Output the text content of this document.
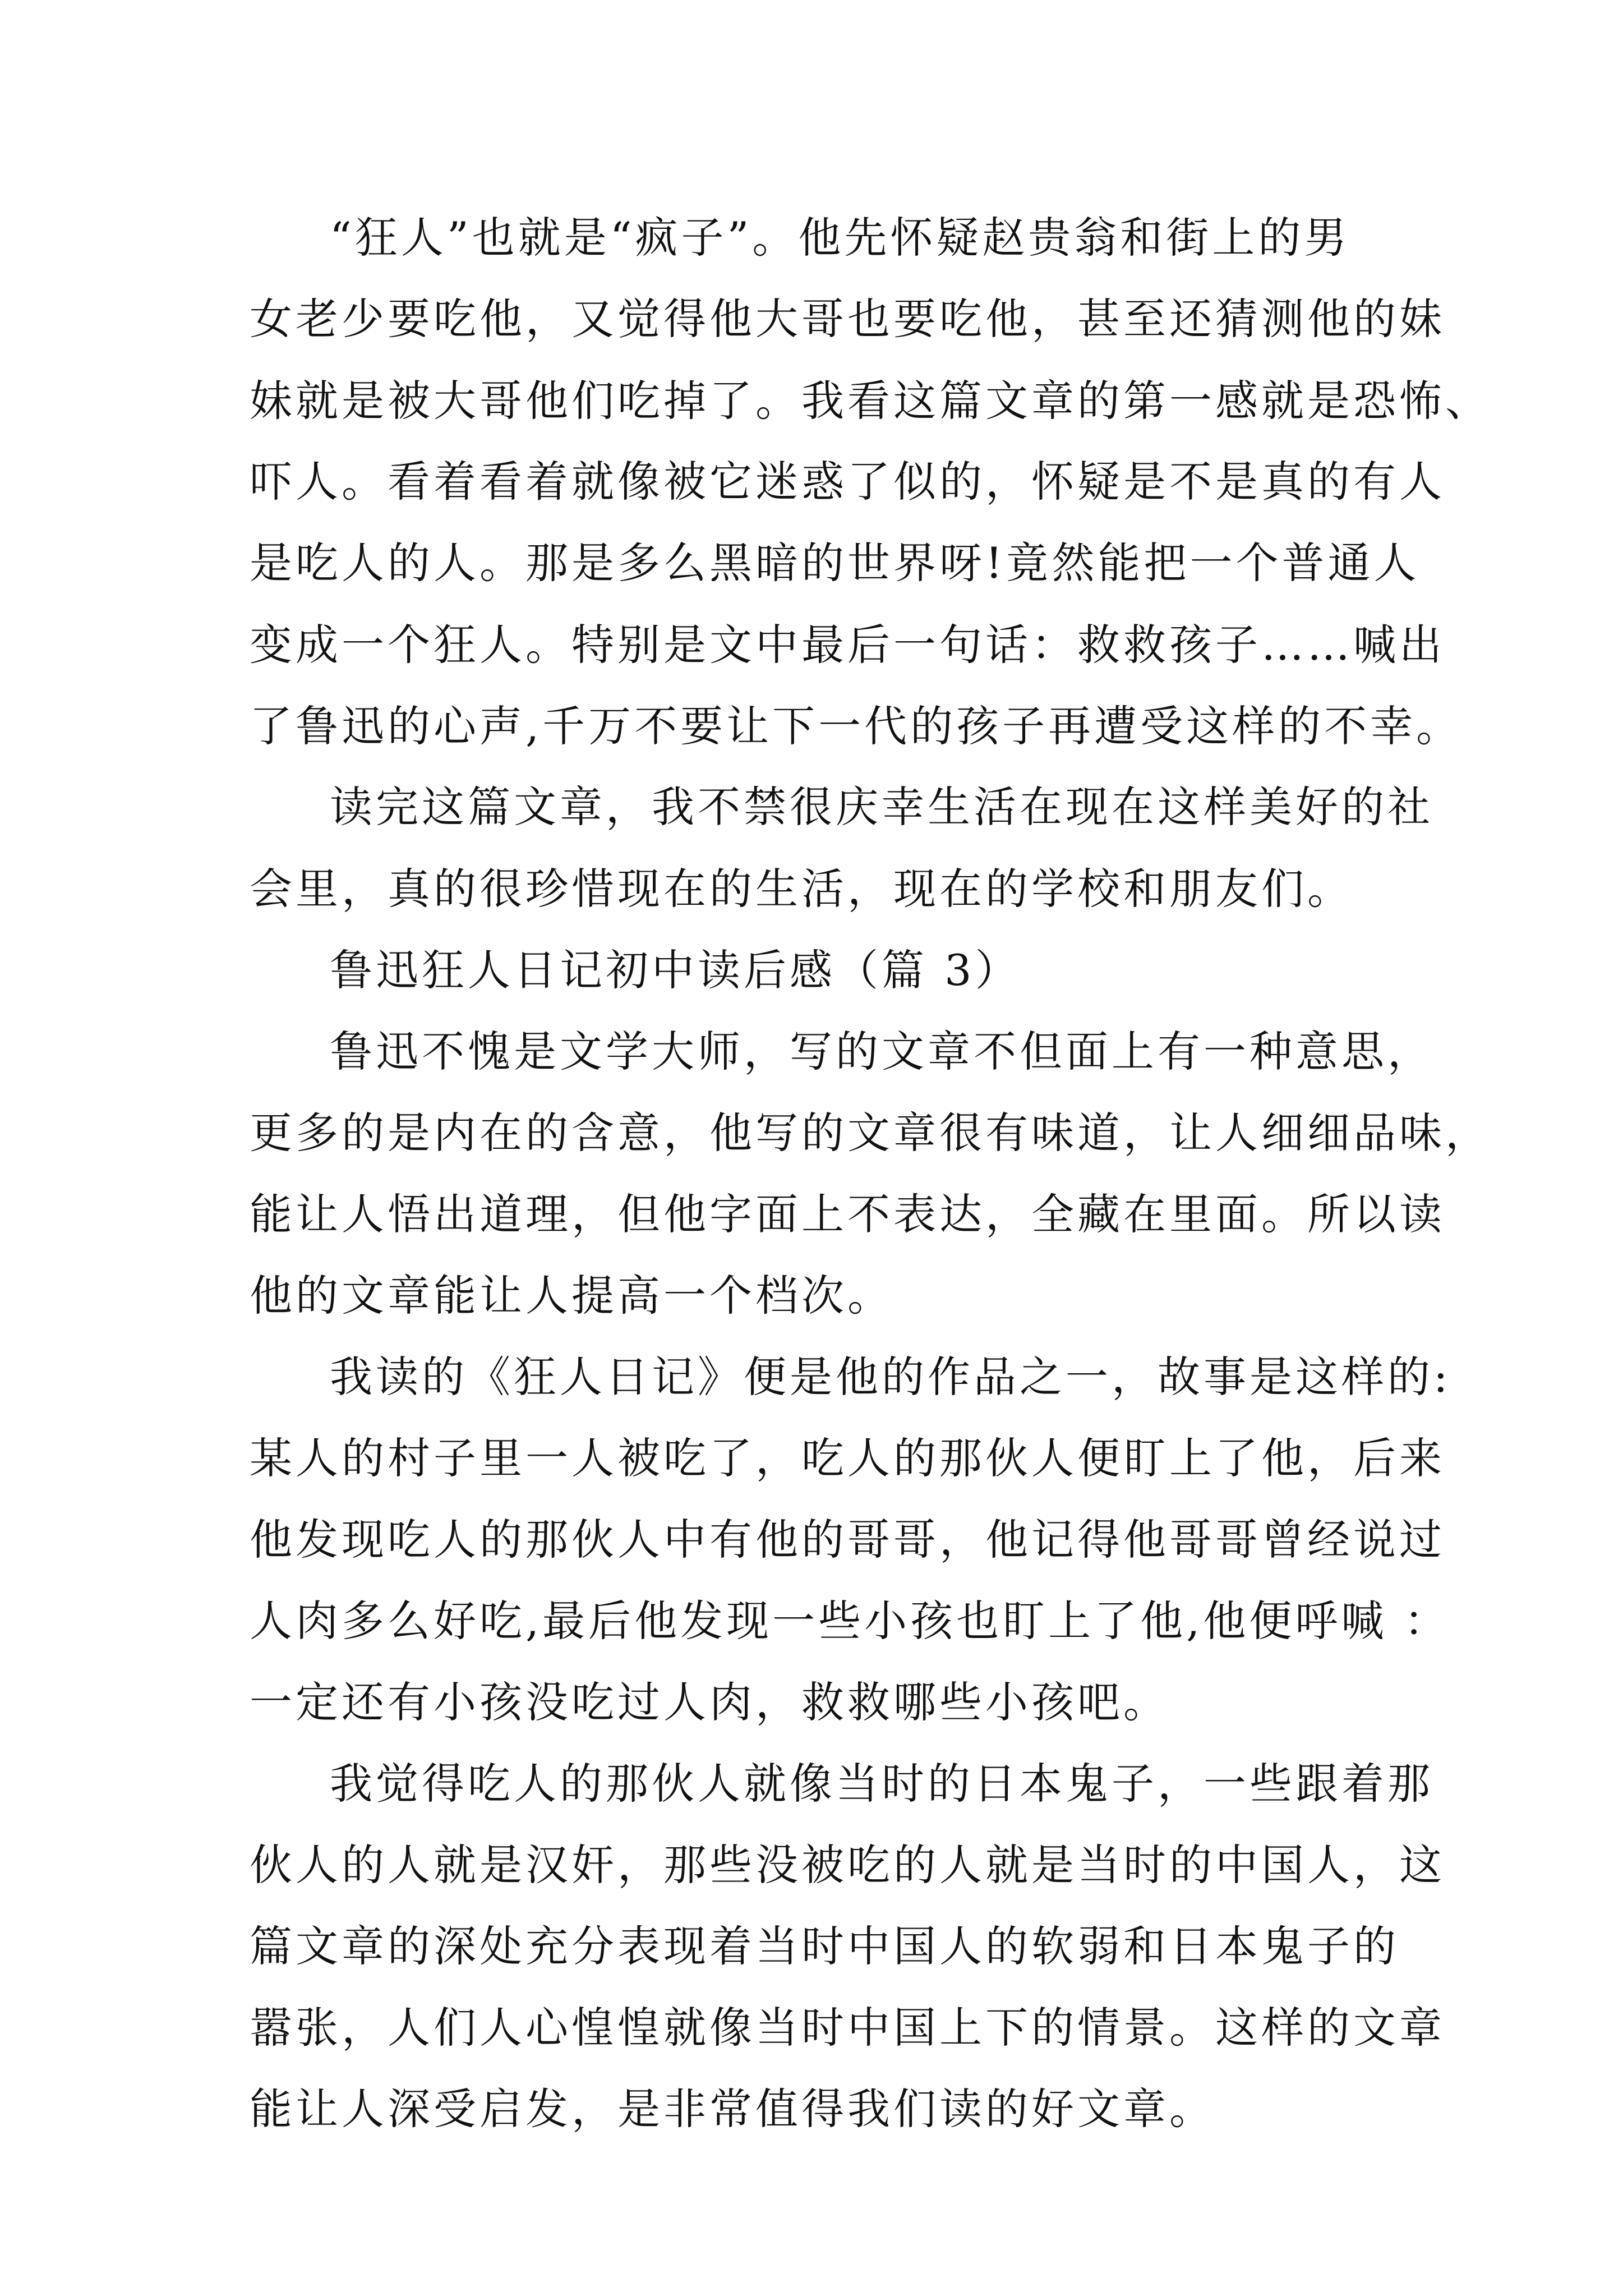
“狂人”也就是“疯子”。他先怀疑赵贵翁和街上的男

女老少要吃他，又觉得他大哥也要吃他，甚至还猜测他的妹

妹就是被大哥他们吃掉了。我看这篇文章的第一感就是恐怖、

吓人。看着看着就像被它迷惑了似的，怀疑是不是真的有人

是吃人的人。那是多么黑暗的世界呀!竟然能把一个普通人

变成一个狂人。特别是文中最后一句话：救救孩子……喊出

了鲁迅的心声,千万不要让下一代的孩子再遭受这样的不幸。

读完这篇文章，我不禁很庆幸生活在现在这样美好的社

会里，真的很珍惜现在的生活，现在的学校和朋友们。

鲁迅狂人日记初中读后感（篇 3）

鲁迅不愧是文学大师，写的文章不但面上有一种意思，

更多的是内在的含意，他写的文章很有味道，让人细细品味，

能让人悟出道理，但他字面上不表达，全藏在里面。所以读

他的文章能让人提高一个档次。

我读的《狂人日记》便是他的作品之一，故事是这样的:

某人的村子里一人被吃了，吃人的那伙人便盯上了他，后来

他发现吃人的那伙人中有他的哥哥，他记得他哥哥曾经说过

人肉多么好吃,最后他发现一些小孩也盯上了他,他便呼喊 ：

一定还有小孩没吃过人肉，救救哪些小孩吧。

我觉得吃人的那伙人就像当时的日本鬼子，一些跟着那

伙人的人就是汉奸，那些没被吃的人就是当时的中国人，这

篇文章的深处充分表现着当时中国人的软弱和日本鬼子的

嚣张，人们人心惶惶就像当时中国上下的情景。这样的文章

能让人深受启发，是非常值得我们读的好文章。
